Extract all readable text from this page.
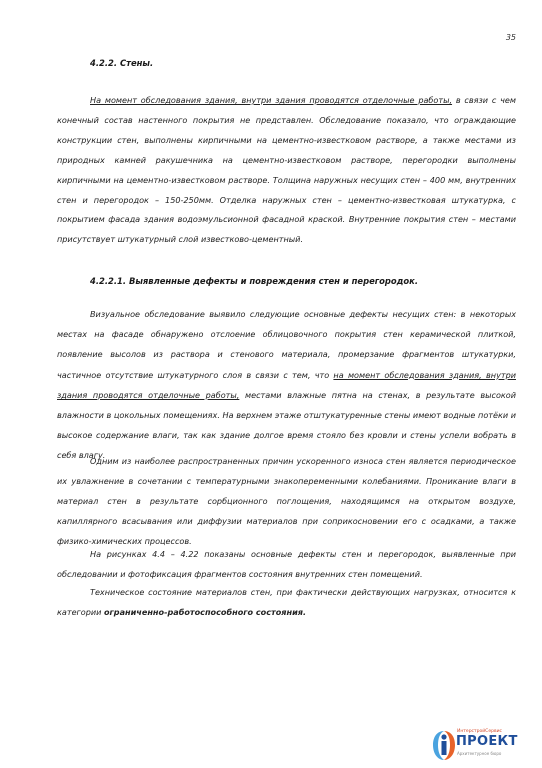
35
4.2.2. Стены.
На момент обследования здания, внутри здания проводятся отделочные работы, в связи с чем конечный состав настенного покрытия не представлен. Обследование показало, что ограждающие конструкции стен, выполнены кирпичными на цементно-известковом растворе, а также местами из природных камней ракушечника на цементно-известковом растворе, перегородки выполнены кирпичными на цементно-известковом растворе. Толщина наружных несущих стен – 400 мм, внутренних стен и перегородок – 150-250мм. Отделка наружных стен – цементно-известковая штукатурка, с покрытием фасада здания водоэмульсионной фасадной краской. Внутренние покрытия стен – местами присутствует штукатурный слой известково-цементный.
4.2.2.1. Выявленные дефекты и повреждения стен и перегородок.
Визуальное обследование выявило следующие основные дефекты несущих стен: в некоторых местах на фасаде обнаружено отслоение облицовочного покрытия стен керамической плиткой, появление высолов из раствора и стенового материала, промерзание фрагментов штукатурки, частичное отсутствие штукатурного слоя в связи с тем, что на момент обследования здания, внутри здания проводятся отделочные работы, местами влажные пятна на стенах, в результате высокой влажности в цокольных помещениях. На верхнем этаже отштукатуренные стены имеют водные потёки и высокое содержание влаги, так как здание долгое время стояло без кровли и стены успели вобрать в себя влагу.
Одним из наиболее распространенных причин ускоренного износа стен является периодическое их увлажнение в сочетании с температурными знакопеременными колебаниями. Проникание влаги в материал стен в результате сорбционного поглощения, находящимся на открытом воздухе, капиллярного всасывания или диффузии материалов при соприкосновении его с осадками, а также физико-химических процессов.
На рисунках 4.4 – 4.22 показаны основные дефекты стен и перегородок, выявленные при обследовании и фотофиксация фрагментов состояния внутренних стен помещений.
Техническое состояние материалов стен, при фактически действующих нагрузках, относится к категории ограниченно-работоспособного состояния.
ИнтерстройСервис
ПРОЕКТ
Архитектурное бюро
